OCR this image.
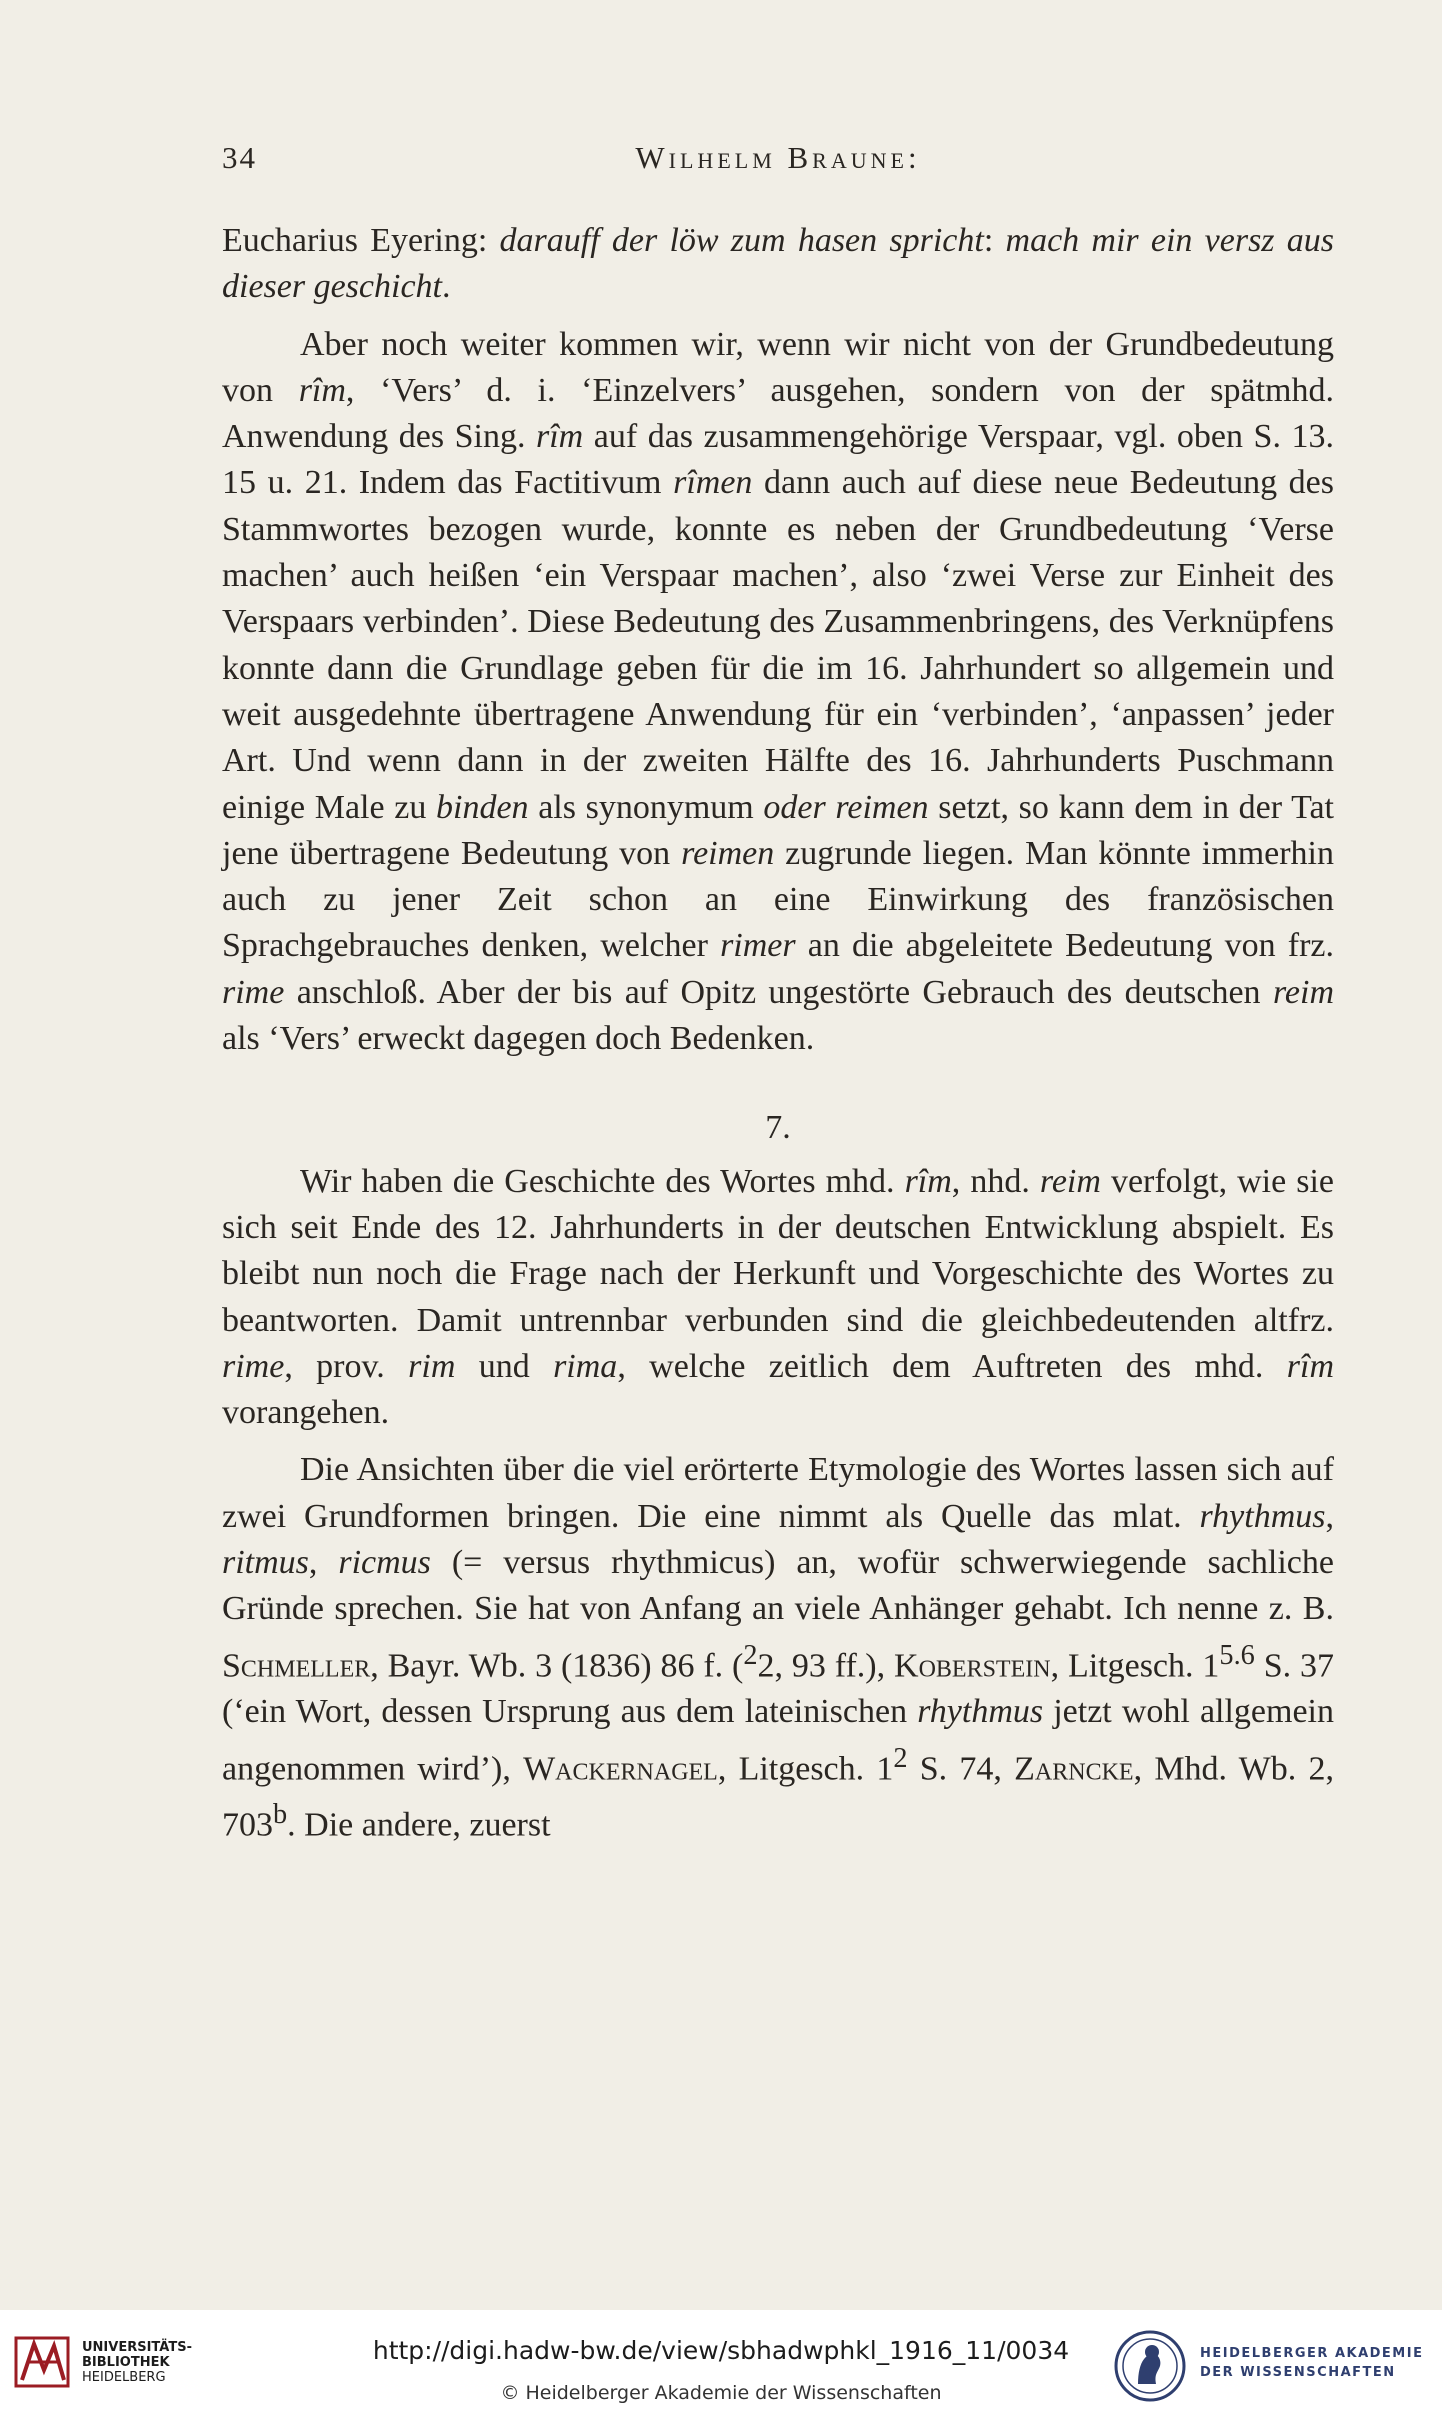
34	Wilhelm Braune:

Eucharius Eyering: darauff der löw zum hasen spricht: mach mir ein versz aus dieser geschicht.

Aber noch weiter kommen wir, wenn wir nicht von der Grundbedeutung von rîm, ‘Vers’ d. i. ‘Einzelvers’ ausgehen, sondern von der spätmhd. Anwendung des Sing. rîm auf das zusammengehörige Verspaar, vgl. oben S. 13. 15 u. 21. Indem das Factitivum rîmen dann auch auf diese neue Bedeutung des Stammwortes bezogen wurde, konnte es neben der Grundbedeutung ‘Verse machen’ auch heißen ‘ein Verspaar machen’, also ‘zwei Verse zur Einheit des Verspaars verbinden’. Diese Bedeutung des Zusammenbringens, des Verknüpfens konnte dann die Grundlage geben für die im 16. Jahrhundert so allgemein und weit ausgedehnte übertragene Anwendung für ein ‘verbinden’, ‘anpassen’ jeder Art. Und wenn dann in der zweiten Hälfte des 16. Jahrhunderts Puschmann einige Male zu binden als synonymum oder reimen setzt, so kann dem in der Tat jene übertragene Bedeutung von reimen zugrunde liegen. Man könnte immerhin auch zu jener Zeit schon an eine Einwirkung des französischen Sprachgebrauches denken, welcher rimer an die abgeleitete Bedeutung von frz. rime anschloß. Aber der bis auf Opitz ungestörte Gebrauch des deutschen reim als ‘Vers’ erweckt dagegen doch Bedenken.

7.

Wir haben die Geschichte des Wortes mhd. rîm, nhd. reim verfolgt, wie sie sich seit Ende des 12. Jahrhunderts in der deutschen Entwicklung abspielt. Es bleibt nun noch die Frage nach der Herkunft und Vorgeschichte des Wortes zu beantworten. Damit untrennbar verbunden sind die gleichbedeutenden altfrz. rime, prov. rim und rima, welche zeitlich dem Auftreten des mhd. rîm vorangehen.

Die Ansichten über die viel erörterte Etymologie des Wortes lassen sich auf zwei Grundformen bringen. Die eine nimmt als Quelle das mlat. rhythmus, ritmus, ricmus (= versus rhythmicus) an, wofür schwerwiegende sachliche Gründe sprechen. Sie hat von Anfang an viele Anhänger gehabt. Ich nenne z. B. Schmeller, Bayr. Wb. 3 (1836) 86 f. ($^2$2, 93 ff.), Koberstein, Litgesch. $1^{5.6}$ S. 37 (‘ein Wort, dessen Ursprung aus dem lateinischen rhythmus jetzt wohl allgemein angenommen wird’), Wackernagel, Litgesch. $1^2$ S. 74, Zarncke, Mhd. Wb. 2, 703$^b$. Die andere, zuerst

UNIVERSITÄTS-
BIBLIOTHEK
HEIDELBERG
http://digi.hadw-bw.de/view/sbhadwphkl_1916_11/0034
© Heidelberger Akademie der Wissenschaften
HEIDELBERGER AKADEMIE
DER WISSENSCHAFTEN
